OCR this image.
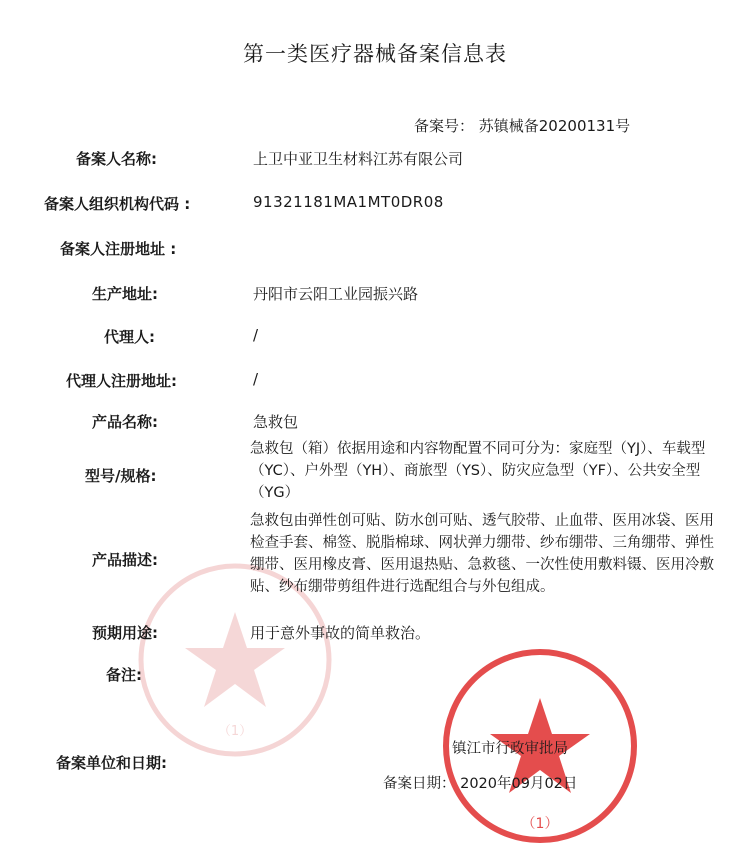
（1）
第一类医疗器械备案信息表
备案号： 苏镇械备20200131号
备案人名称:	上卫中亚卫生材料江苏有限公司
备案人组织机构代码 :	91321181MA1MT0DR08
备案人注册地址 :
生产地址:	丹阳市云阳工业园振兴路
代理人:	/
代理人注册地址:	/
产品名称:	急救包
型号/规格:
急救包（箱）依据用途和内容物配置不同可分为：家庭型（YJ）、车载型（YC）、户外型（YH）、商旅型（YS）、防灾应急型（YF）、公共安全型（YG）
产品描述:
急救包由弹性创可贴、防水创可贴、透气胶带、止血带、医用冰袋、医用检查手套、棉签、脱脂棉球、网状弹力绷带、纱布绷带、三角绷带、弹性绷带、医用橡皮膏、医用退热贴、急救毯、一次性使用敷料镊、医用冷敷贴、纱布绷带剪组件进行选配组合与外包组成。
预期用途:	用于意外事故的简单救治。
备注:
备案单位和日期:
（1）
镇江市行政审批局
备案日期： 2020年09月02日
